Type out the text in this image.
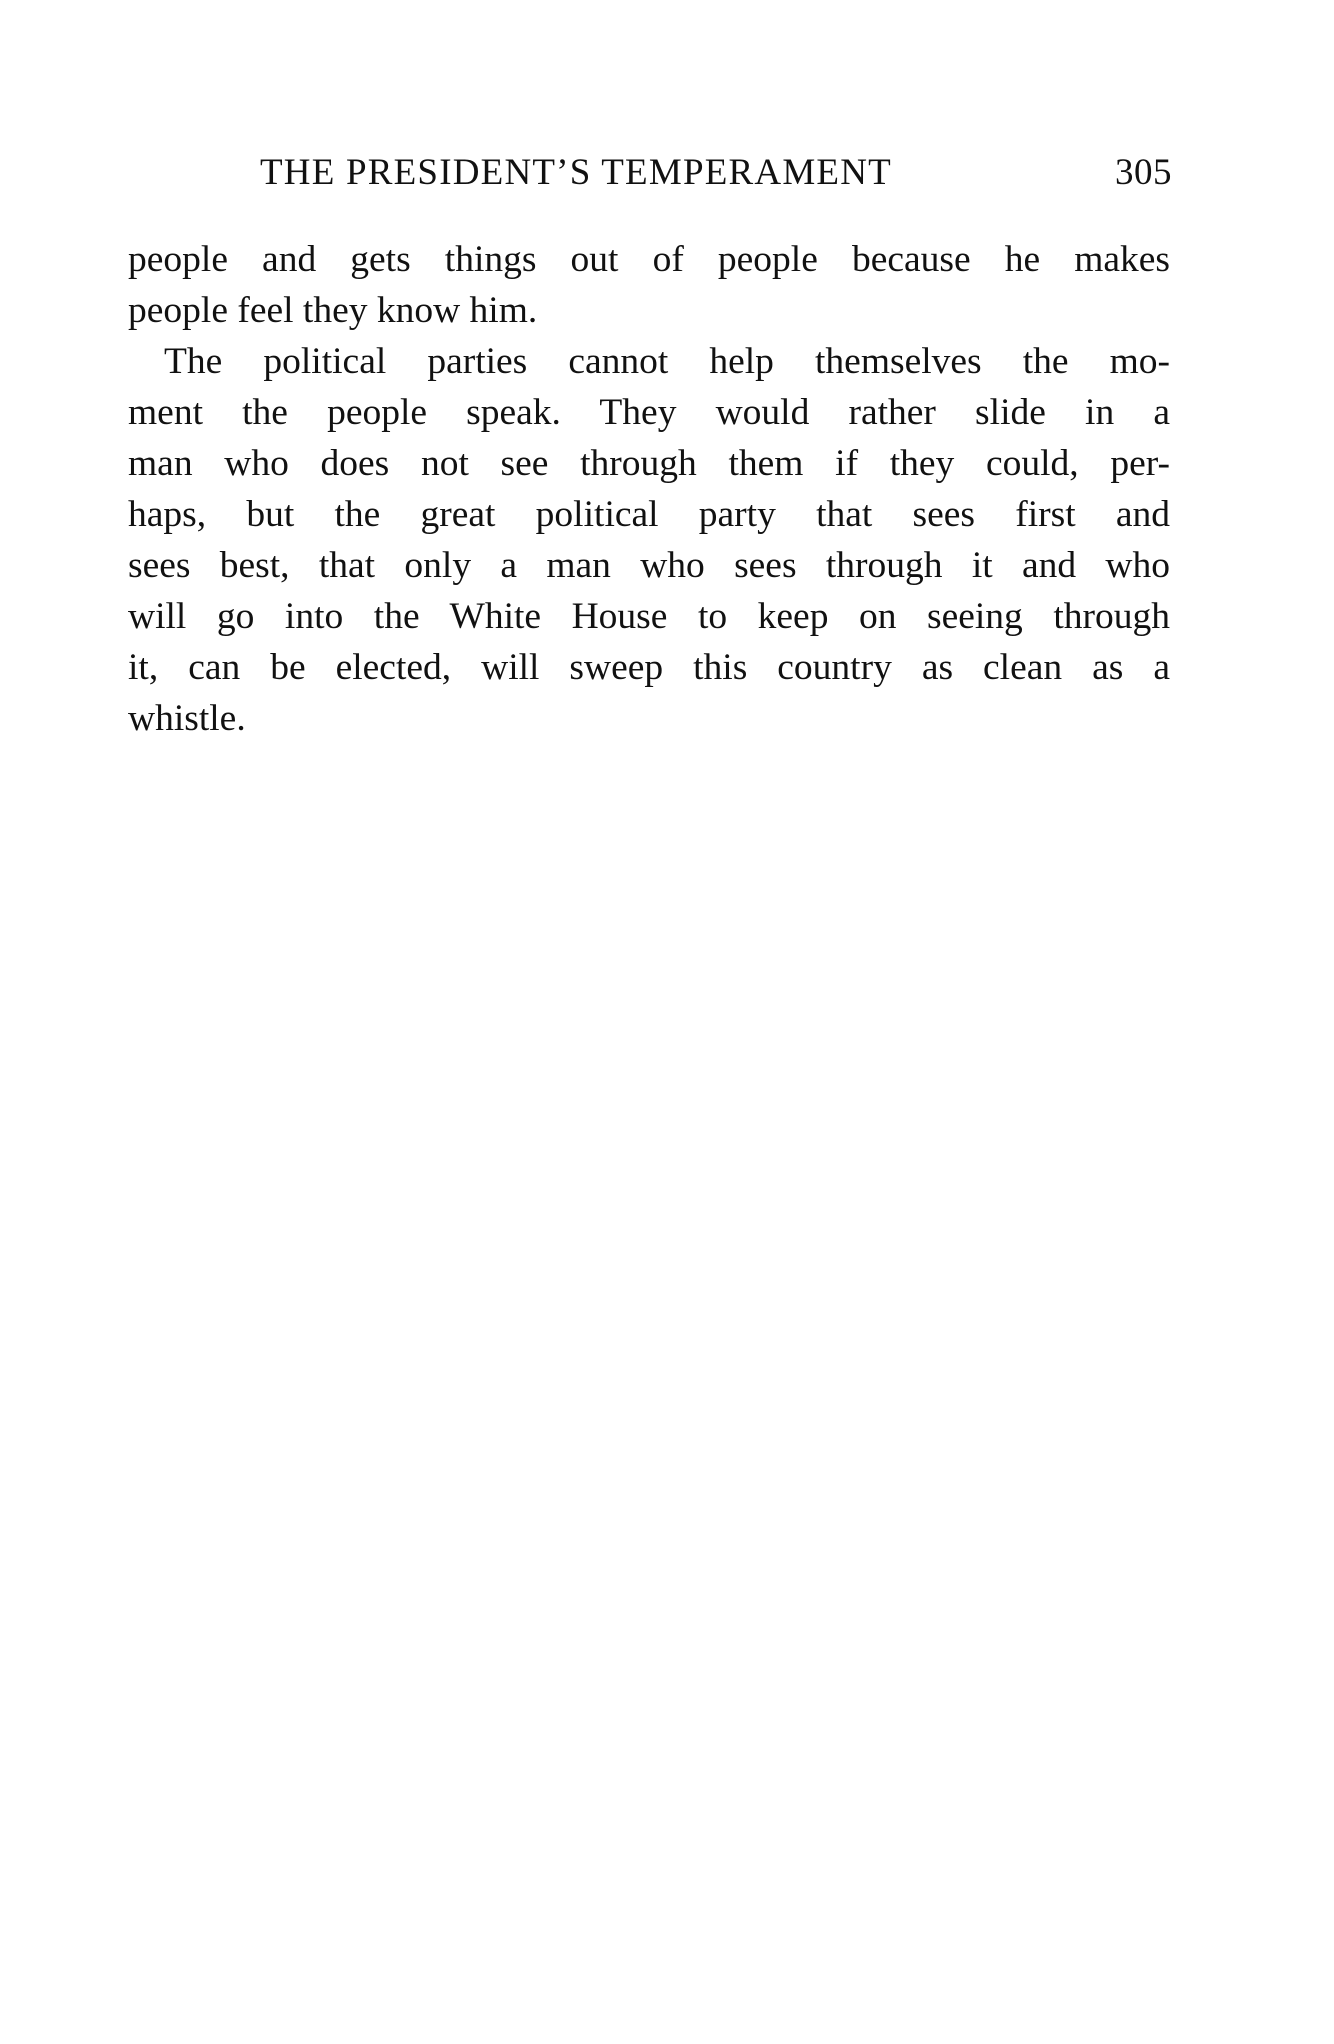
THE PRESIDENT’S TEMPERAMENT	305
people and gets things out of people because he makes
people feel they know him.
The political parties cannot help themselves the mo-
ment the people speak. They would rather slide in a
man who does not see through them if they could, per-
haps, but the great political party that sees first and
sees best, that only a man who sees through it and who
will go into the White House to keep on seeing through
it, can be elected, will sweep this country as clean as a
whistle.
